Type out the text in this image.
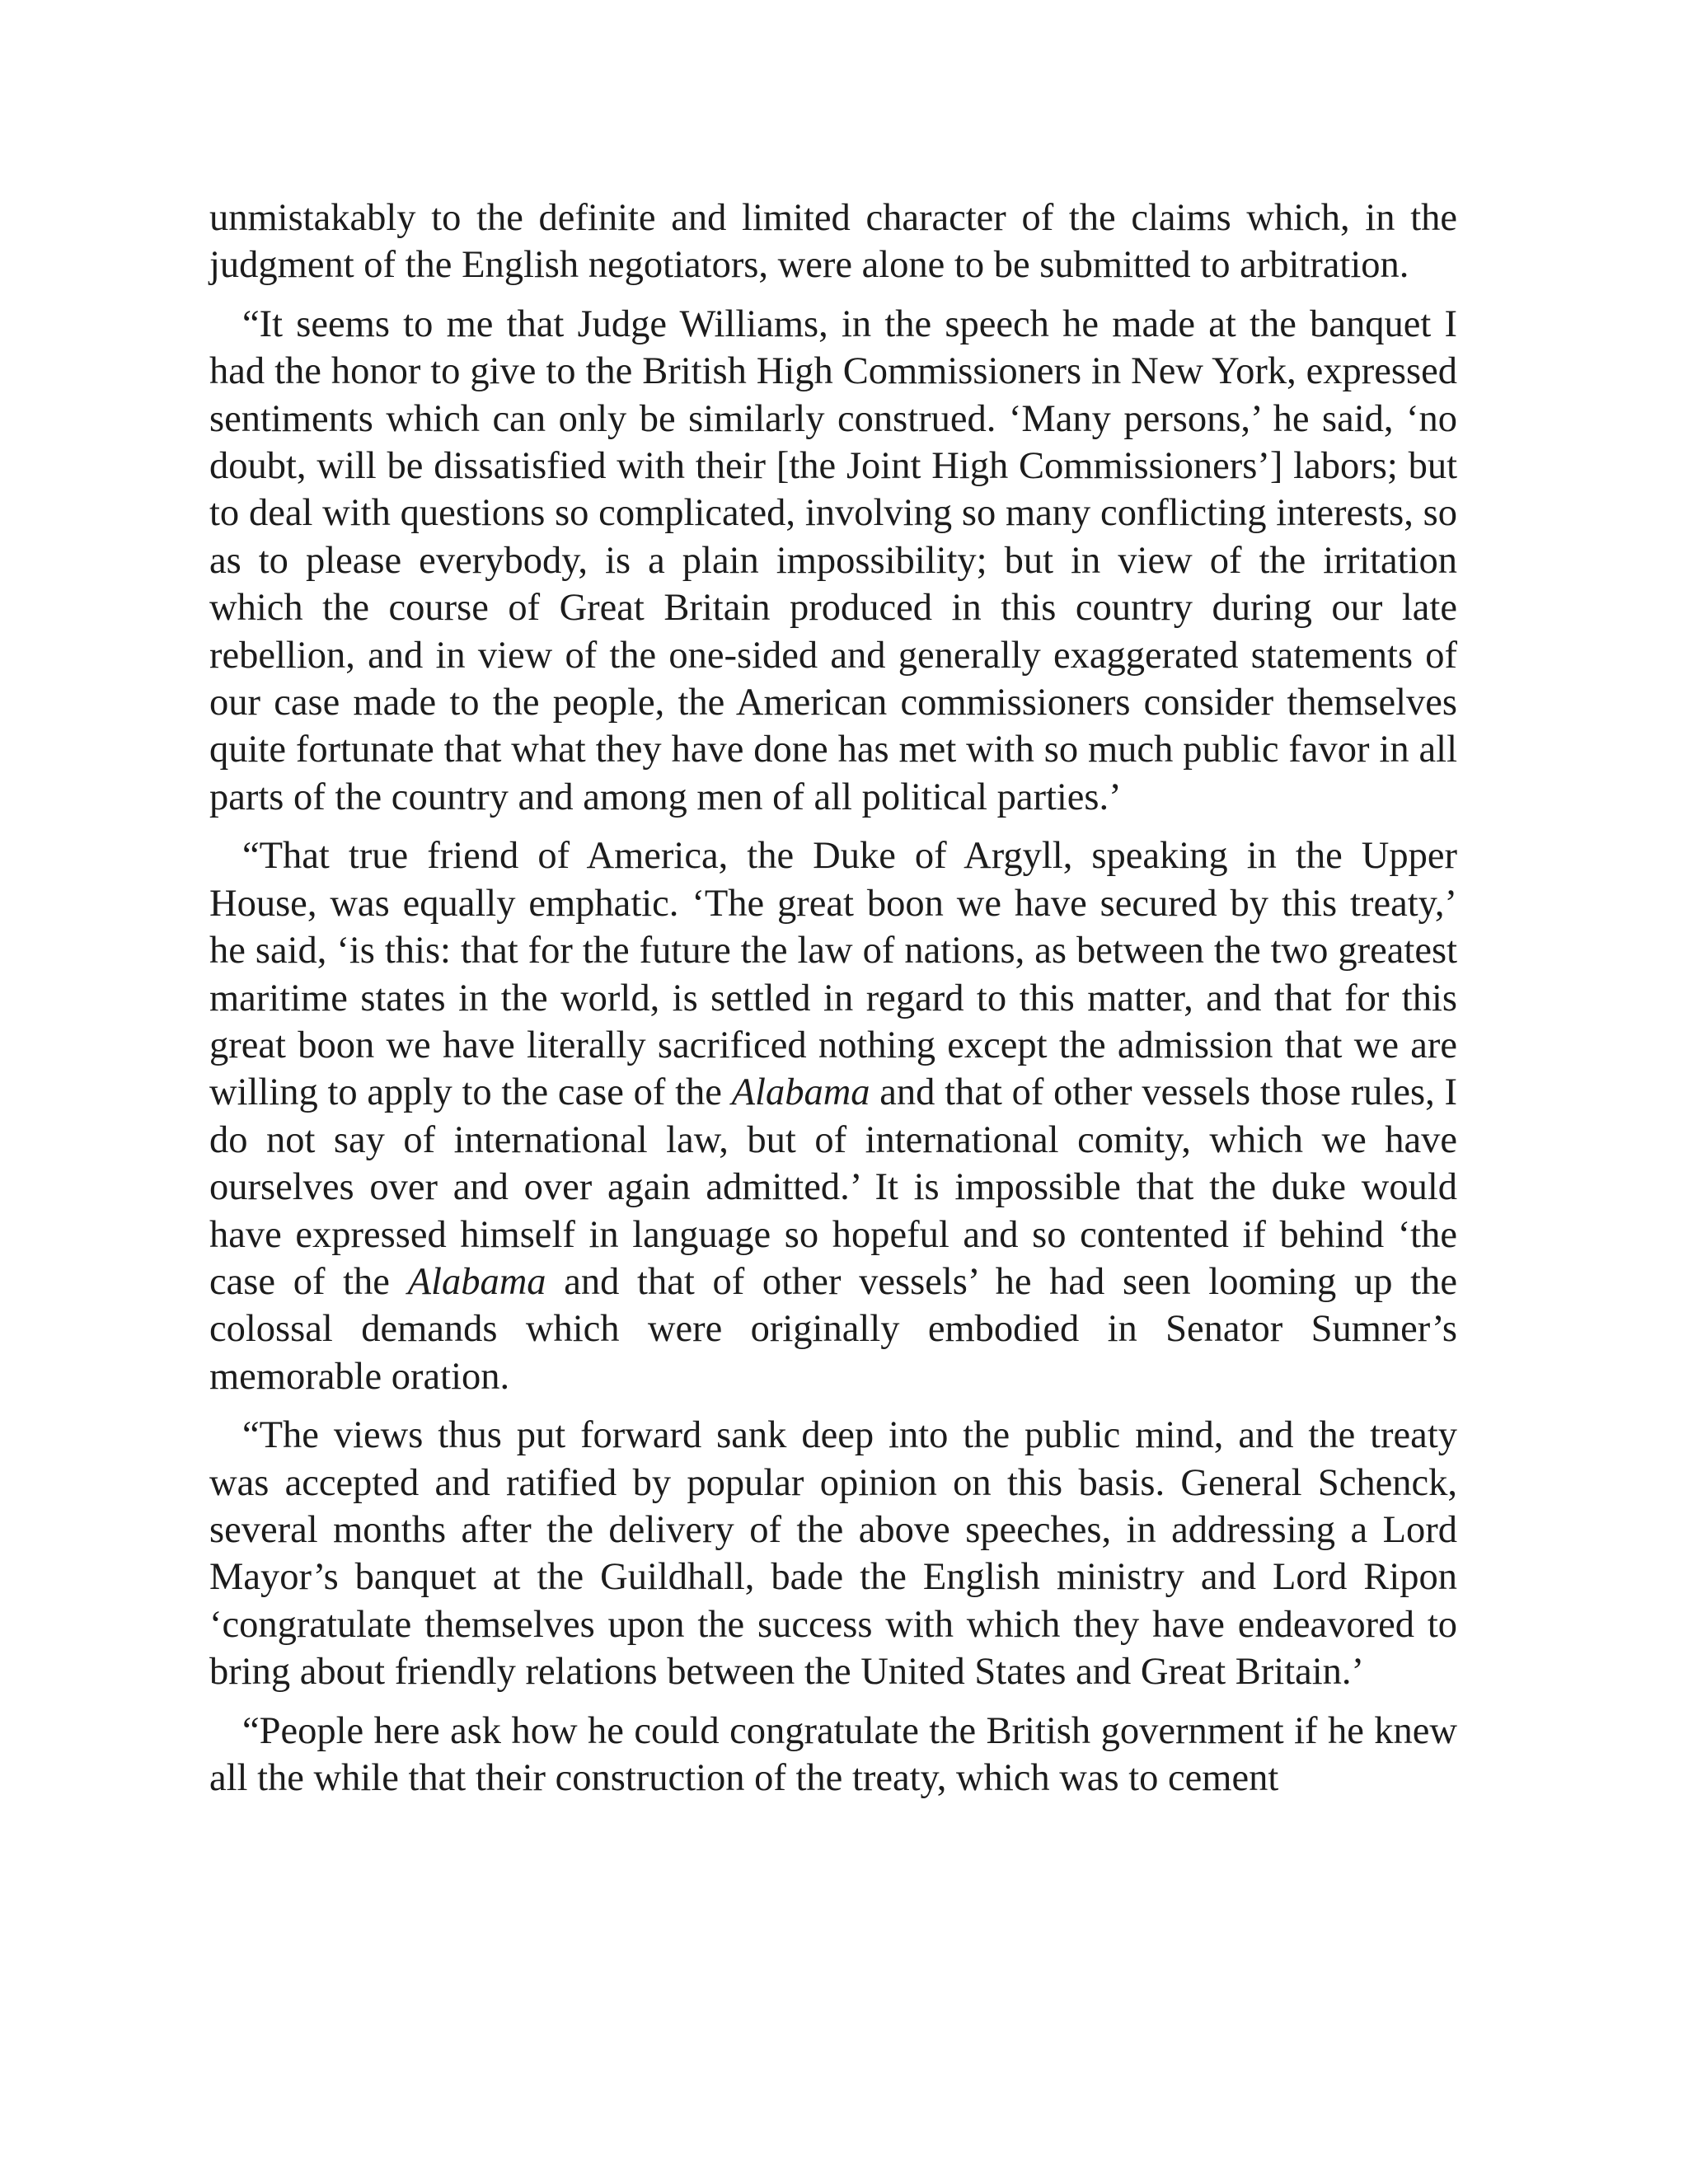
unmistakably to the definite and limited character of the claims which, in the judgment of the English negotiators, were alone to be submitted to arbitration.

“It seems to me that Judge Williams, in the speech he made at the banquet I had the honor to give to the British High Commissioners in New York, expressed sentiments which can only be similarly construed. ‘Many persons,’ he said, ‘no doubt, will be dissatisfied with their [the Joint High Commissioners’] labors; but to deal with questions so complicated, involving so many conflicting interests, so as to please everybody, is a plain impossibility; but in view of the irritation which the course of Great Britain produced in this country during our late rebellion, and in view of the one-sided and generally exaggerated statements of our case made to the people, the American commissioners consider themselves quite fortunate that what they have done has met with so much public favor in all parts of the country and among men of all political parties.’

“That true friend of America, the Duke of Argyll, speaking in the Upper House, was equally emphatic. ‘The great boon we have secured by this treaty,’ he said, ‘is this: that for the future the law of nations, as between the two greatest maritime states in the world, is settled in regard to this matter, and that for this great boon we have literally sacrificed nothing except the admission that we are willing to apply to the case of the Alabama and that of other vessels those rules, I do not say of international law, but of international comity, which we have ourselves over and over again admitted.’ It is impossible that the duke would have expressed himself in language so hopeful and so contented if behind ‘the case of the Alabama and that of other vessels’ he had seen looming up the colossal demands which were originally embodied in Senator Sumner’s memorable oration.

“The views thus put forward sank deep into the public mind, and the treaty was accepted and ratified by popular opinion on this basis. General Schenck, several months after the delivery of the above speeches, in addressing a Lord Mayor’s banquet at the Guildhall, bade the English ministry and Lord Ripon ‘congratulate themselves upon the success with which they have endeavored to bring about friendly relations between the United States and Great Britain.’

“People here ask how he could congratulate the British government if he knew all the while that their construction of the treaty, which was to cement
